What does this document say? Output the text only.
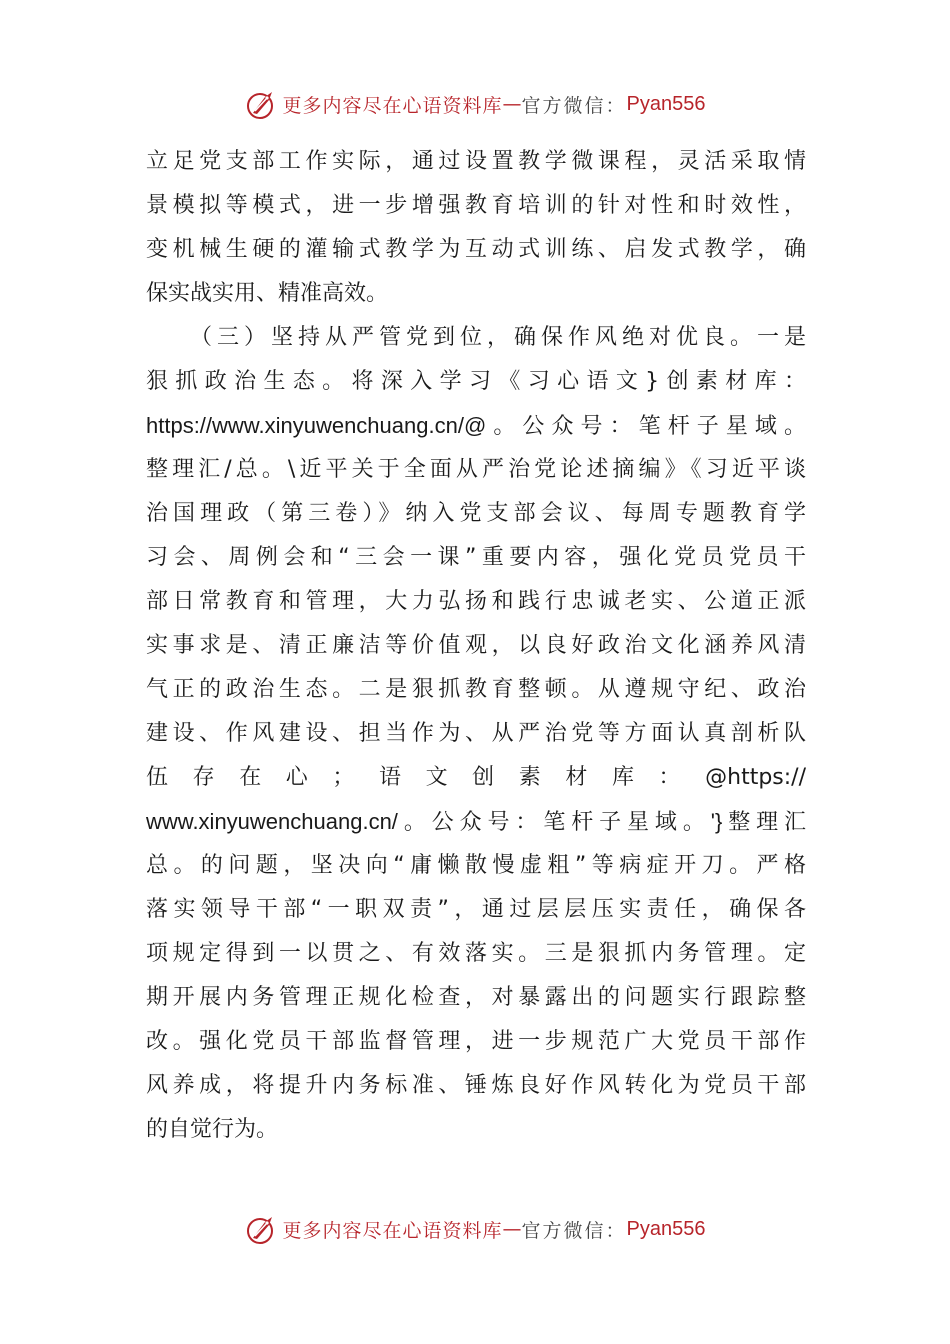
更多内容尽在心语资料库 — 官方微信： Pyan556
立足党支部工作实际，通过设置教学微课程，灵活采取情
景模拟等模式，进一步增强教育培训的针对性和时效性，
变机械生硬的灌输式教学为互动式训练、启发式教学，确
保实战实用、精准高效。
（三）坚持从严管党到位，确保作风绝对优良。一是
狠抓政治生态。将深入学习《习心语文}创素材库：
https://www.xinyuwenchuang.cn/@。公众号：笔杆子星域。
整理汇/总。\近平关于全面从严治党论述摘编》《习近平谈
治国理政（第三卷）》纳入党支部会议、每周专题教育学
习会、周例会和“三会一课”重要内容，强化党员党员干
部日常教育和管理，大力弘扬和践行忠诚老实、公道正派
实事求是、清正廉洁等价值观，以良好政治文化涵养风清
气正的政治生态。二是狠抓教育整顿。从遵规守纪、政治
建设、作风建设、担当作为、从严治党等方面认真剖析队
伍存在心；语文创素材库：@https://
www.xinyuwenchuang.cn/。公众号：笔杆子星域。'}整理汇
总。的问题，坚决向“庸懒散慢虚粗”等病症开刀。严格
落实领导干部“一职双责”，通过层层压实责任，确保各
项规定得到一以贯之、有效落实。三是狠抓内务管理。定
期开展内务管理正规化检查，对暴露出的问题实行跟踪整
改。强化党员干部监督管理，进一步规范广大党员干部作
风养成，将提升内务标准、锤炼良好作风转化为党员干部
的自觉行为。
更多内容尽在心语资料库 — 官方微信： Pyan556
